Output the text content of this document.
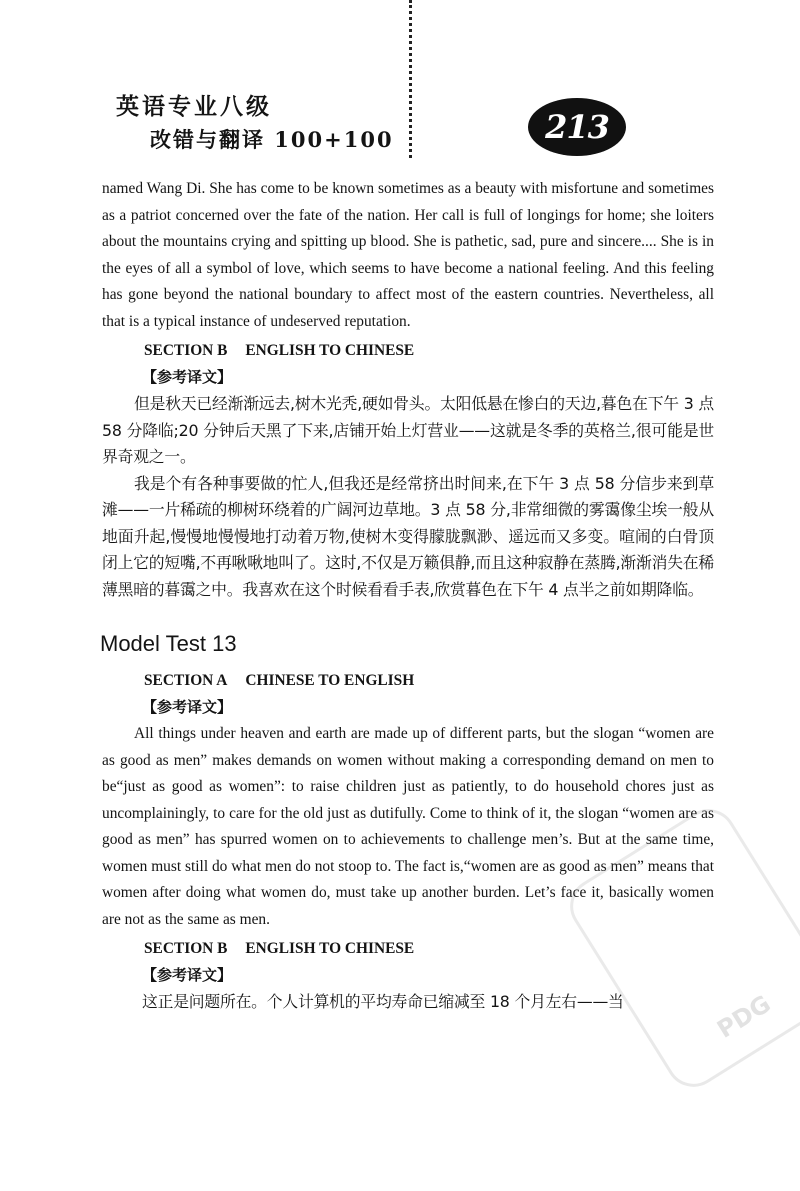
英语专业八级
改错与翻译 100+100	213

named Wang Di. She has come to be known sometimes as a beauty with misfortune and sometimes as a patriot concerned over the fate of the nation. Her call is full of longings for home; she loiters about the mountains crying and spitting up blood. She is pathetic, sad, pure and sincere.... She is in the eyes of all a symbol of love, which seems to have become a national feeling. And this feeling has gone beyond the national boundary to affect most of the eastern countries. Nevertheless, all that is a typical instance of undeserved reputation.

SECTION B ENGLISH TO CHINESE
【参考译文】

但是秋天已经渐渐远去,树木光秃,硬如骨头。太阳低悬在惨白的天边,暮色在下午 3 点 58 分降临;20 分钟后天黑了下来,店铺开始上灯营业——这就是冬季的英格兰,很可能是世界奇观之一。

我是个有各种事要做的忙人,但我还是经常挤出时间来,在下午 3 点 58 分信步来到草滩——一片稀疏的柳树环绕着的广阔河边草地。3 点 58 分,非常细微的雾霭像尘埃一般从地面升起,慢慢地慢慢地打动着万物,使树木变得朦胧飘渺、遥远而又多变。喧闹的白骨顶闭上它的短嘴,不再啾啾地叫了。这时,不仅是万籁俱静,而且这种寂静在蒸腾,渐渐消失在稀薄黑暗的暮霭之中。我喜欢在这个时候看看手表,欣赏暮色在下午 4 点半之前如期降临。

Model Test 13
SECTION A CHINESE TO ENGLISH
【参考译文】

All things under heaven and earth are made up of different parts, but the slogan “women are as good as men” makes demands on women without making a corresponding demand on men to be“just as good as women”: to raise children just as patiently, to do household chores just as uncomplainingly, to care for the old just as dutifully. Come to think of it, the slogan “women are as good as men” has spurred women on to achievements to challenge men’s. But at the same time, women must still do what men do not stoop to. The fact is,“women are as good as men” means that women after doing what women do, must take up another burden. Let’s face it, basically women are not as the same as men.

SECTION B ENGLISH TO CHINESE
【参考译文】

这正是问题所在。个人计算机的平均寿命已缩减至 18 个月左右——当	PDG
